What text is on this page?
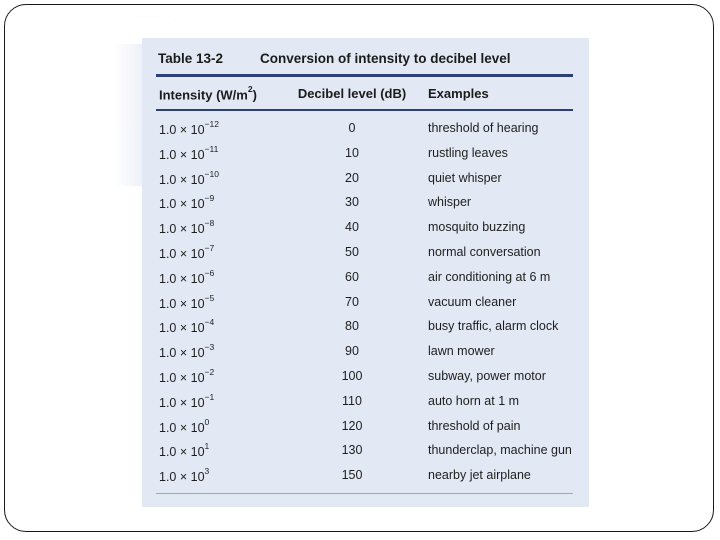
· · · · · · ·
Table 13-2	Conversion of intensity to decibel level
Intensity $(W/m^2)$	Decibel level (dB)	Examples
$1.0 \times 10^{-12}$	0	threshold of hearing
$1.0 \times 10^{-11}$	10	rustling leaves
$1.0 \times 10^{-10}$	20	quiet whisper
$1.0 \times 10^{-9}$	30	whisper
$1.0 \times 10^{-8}$	40	mosquito buzzing
$1.0 \times 10^{-7}$	50	normal conversation
$1.0 \times 10^{-6}$	60	air conditioning at 6 m
$1.0 \times 10^{-5}$	70	vacuum cleaner
$1.0 \times 10^{-4}$	80	busy traffic, alarm clock
$1.0 \times 10^{-3}$	90	lawn mower
$1.0 \times 10^{-2}$	100	subway, power motor
$1.0 \times 10^{-1}$	110	auto horn at 1 m
$1.0 \times 10^0$	120	threshold of pain
$1.0 \times 10^1$	130	thunderclap, machine gun
$1.0 \times 10^3$	150	nearby jet airplane
